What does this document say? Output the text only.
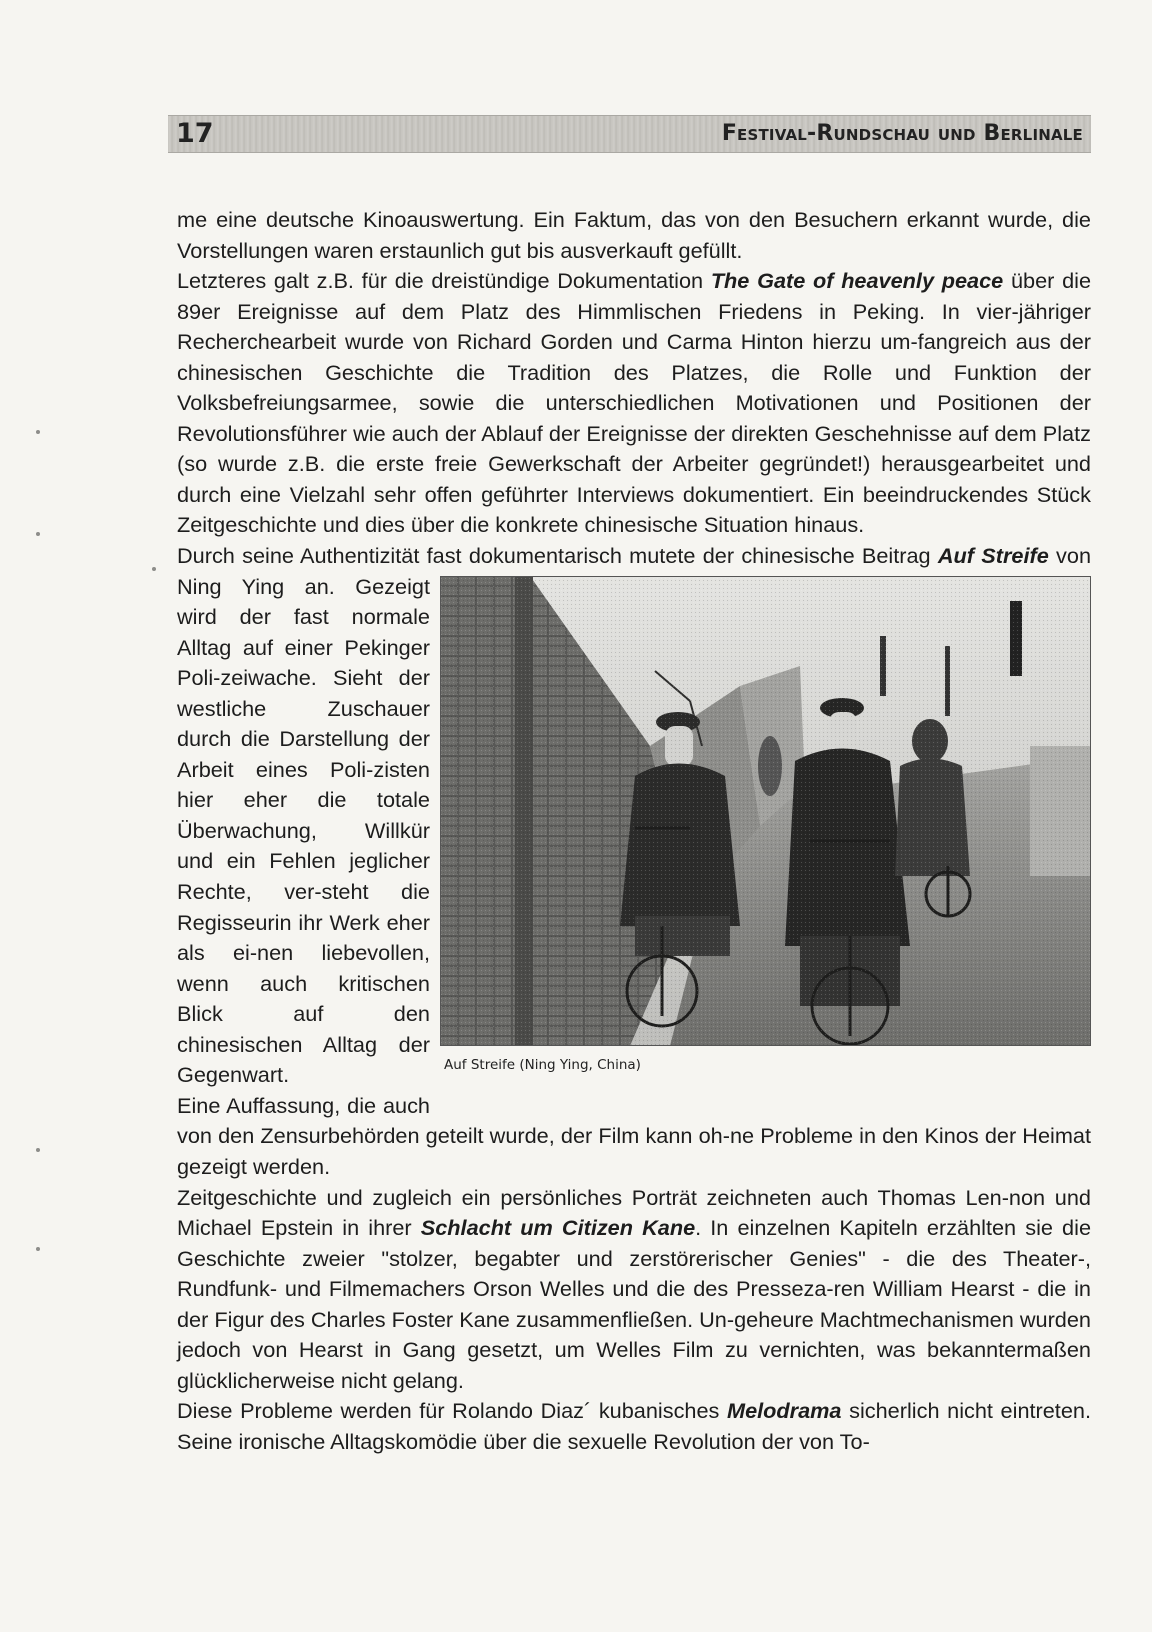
17	Festival-Rundschau und Berlinale

me eine deutsche Kinoauswertung. Ein Faktum, das von den Besuchern erkannt wurde, die Vorstellungen waren erstaunlich gut bis ausverkauft gefüllt.

Letzteres galt z.B. für die dreistündige Dokumentation The Gate of heavenly peace über die 89er Ereignisse auf dem Platz des Himmlischen Friedens in Peking. In vier-jähriger Recherchearbeit wurde von Richard Gorden und Carma Hinton hierzu um-fangreich aus der chinesischen Geschichte die Tradition des Platzes, die Rolle und Funktion der Volksbefreiungsarmee, sowie die unterschiedlichen Motivationen und Positionen der Revolutionsführer wie auch der Ablauf der Ereignisse der direkten Geschehnisse auf dem Platz (so wurde z.B. die erste freie Gewerkschaft der Arbeiter gegründet!) herausgearbeitet und durch eine Vielzahl sehr offen geführter Interviews dokumentiert. Ein beeindruckendes Stück Zeitgeschichte und dies über die konkrete chinesische Situation hinaus.

Durch seine Authentizität fast dokumentarisch mutete der chinesische Beitrag
Auf Streife (Ning Ying, China)
Auf Streife von Ning Ying an. Gezeigt wird der fast normale Alltag auf einer Pekinger Poli-zeiwache. Sieht der westliche Zuschauer durch die Darstellung der Arbeit eines Poli-zisten hier eher die totale Überwachung, Willkür und ein Fehlen jeglicher Rechte, ver-steht die Regisseurin ihr Werk eher als ei-nen liebevollen, wenn auch kritischen Blick auf den chinesischen Alltag der Gegenwart.

Eine Auffassung, die auch von den Zensurbehörden geteilt wurde, der Film kann oh-ne Probleme in den Kinos der Heimat gezeigt werden.

Zeitgeschichte und zugleich ein persönliches Porträt zeichneten auch Thomas Len-non und Michael Epstein in ihrer Schlacht um Citizen Kane. In einzelnen Kapiteln erzählten sie die Geschichte zweier "stolzer, begabter und zerstörerischer Genies" - die des Theater-, Rundfunk- und Filmemachers Orson Welles und die des Presseza-ren William Hearst - die in der Figur des Charles Foster Kane zusammenfließen. Un-geheure Machtmechanismen wurden jedoch von Hearst in Gang gesetzt, um Welles Film zu vernichten, was bekanntermaßen glücklicherweise nicht gelang.

Diese Probleme werden für Rolando Diaz´ kubanisches Melodrama sicherlich nicht eintreten. Seine ironische Alltagskomödie über die sexuelle Revolution der von To-
